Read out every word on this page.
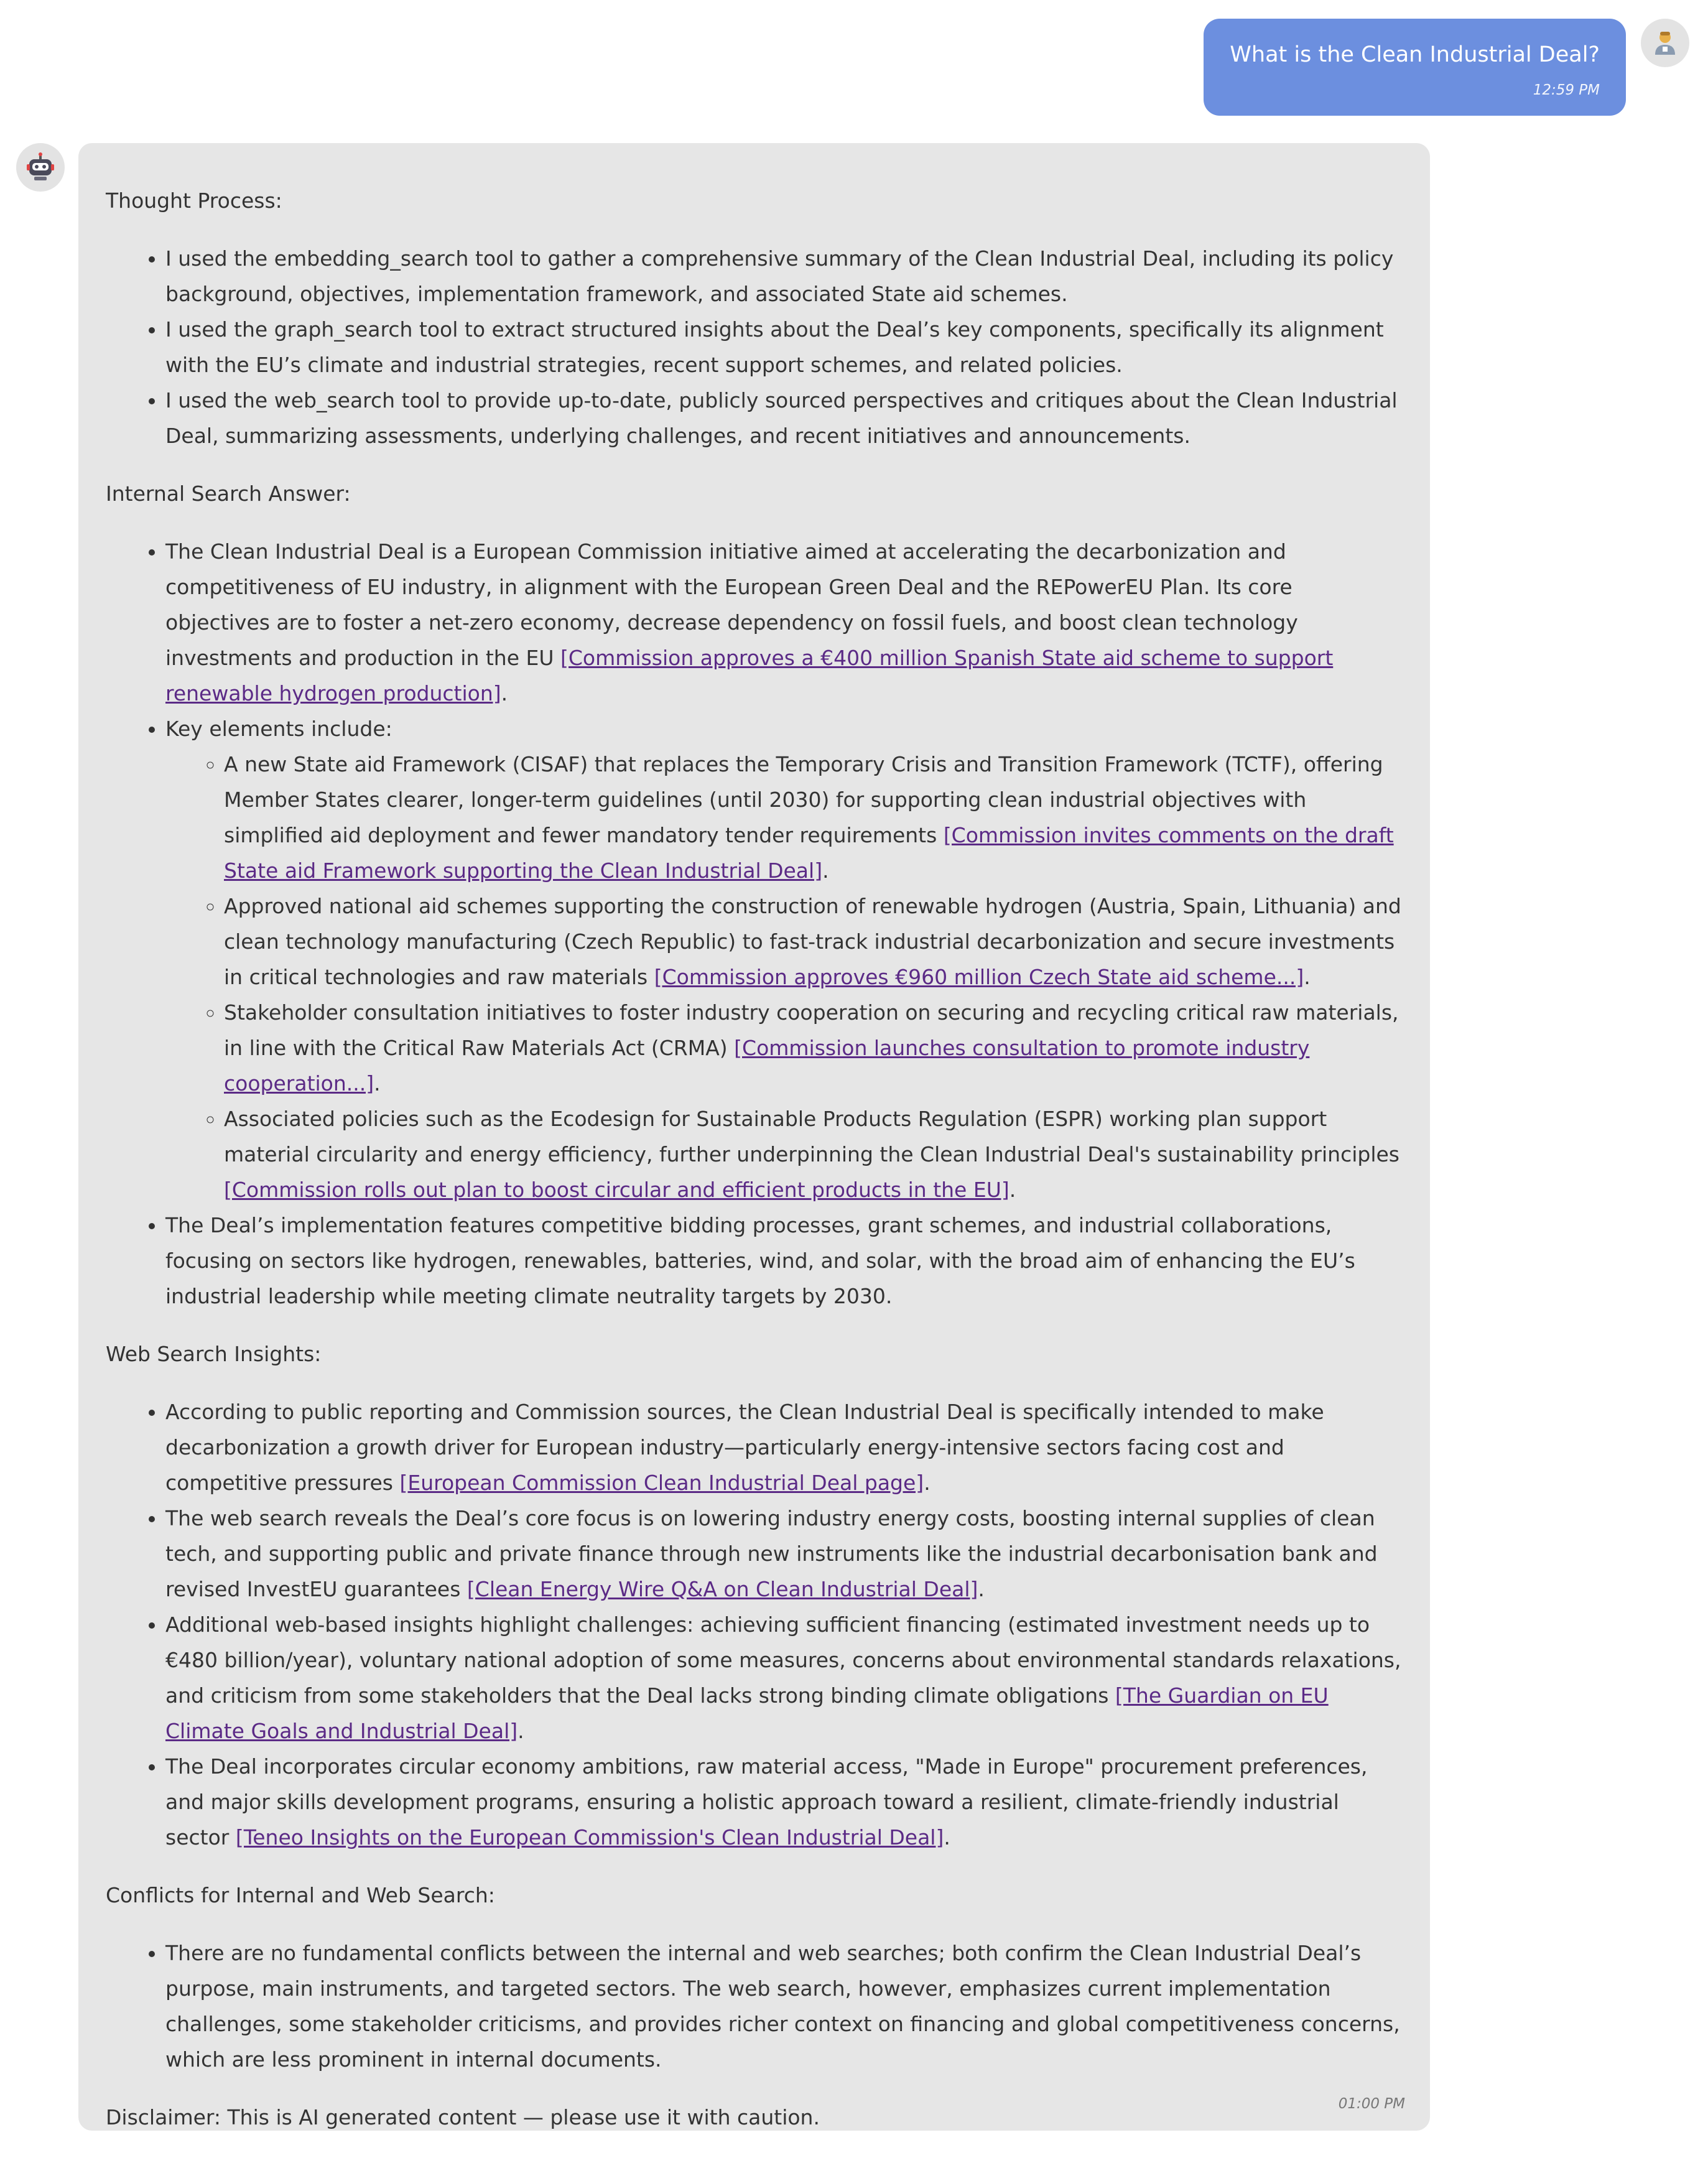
What is the Clean Industrial Deal?
12:59 PM
Thought Process:
• I used the embedding_search tool to gather a comprehensive summary of the Clean Industrial Deal, including its policy background, objectives, implementation framework, and associated State aid schemes.
• I used the graph_search tool to extract structured insights about the Deal’s key components, specifically its alignment with the EU’s climate and industrial strategies, recent support schemes, and related policies.
• I used the web_search tool to provide up-to-date, publicly sourced perspectives and critiques about the Clean Industrial Deal, summarizing assessments, underlying challenges, and recent initiatives and announcements.
Internal Search Answer:
• The Clean Industrial Deal is a European Commission initiative aimed at accelerating the decarbonization and competitiveness of EU industry, in alignment with the European Green Deal and the REPowerEU Plan. Its core objectives are to foster a net-zero economy, decrease dependency on fossil fuels, and boost clean technology investments and production in the EU [Commission approves a €400 million Spanish State aid scheme to support renewable hydrogen production].
• Key elements include:
◦ A new State aid Framework (CISAF) that replaces the Temporary Crisis and Transition Framework (TCTF), offering Member States clearer, longer-term guidelines (until 2030) for supporting clean industrial objectives with simplified aid deployment and fewer mandatory tender requirements [Commission invites comments on the draft State aid Framework supporting the Clean Industrial Deal].
◦ Approved national aid schemes supporting the construction of renewable hydrogen (Austria, Spain, Lithuania) and clean technology manufacturing (Czech Republic) to fast-track industrial decarbonization and secure investments in critical technologies and raw materials [Commission approves €960 million Czech State aid scheme...].
◦ Stakeholder consultation initiatives to foster industry cooperation on securing and recycling critical raw materials, in line with the Critical Raw Materials Act (CRMA) [Commission launches consultation to promote industry cooperation...].
◦ Associated policies such as the Ecodesign for Sustainable Products Regulation (ESPR) working plan support material circularity and energy efficiency, further underpinning the Clean Industrial Deal's sustainability principles [Commission rolls out plan to boost circular and efficient products in the EU].
• The Deal’s implementation features competitive bidding processes, grant schemes, and industrial collaborations, focusing on sectors like hydrogen, renewables, batteries, wind, and solar, with the broad aim of enhancing the EU’s industrial leadership while meeting climate neutrality targets by 2030.
Web Search Insights:
• According to public reporting and Commission sources, the Clean Industrial Deal is specifically intended to make decarbonization a growth driver for European industry—particularly energy-intensive sectors facing cost and competitive pressures [European Commission Clean Industrial Deal page].
• The web search reveals the Deal’s core focus is on lowering industry energy costs, boosting internal supplies of clean tech, and supporting public and private finance through new instruments like the industrial decarbonisation bank and revised InvestEU guarantees [Clean Energy Wire Q&A on Clean Industrial Deal].
• Additional web-based insights highlight challenges: achieving sufficient financing (estimated investment needs up to €480 billion/year), voluntary national adoption of some measures, concerns about environmental standards relaxations, and criticism from some stakeholders that the Deal lacks strong binding climate obligations [The Guardian on EU Climate Goals and Industrial Deal].
• The Deal incorporates circular economy ambitions, raw material access, "Made in Europe" procurement preferences, and major skills development programs, ensuring a holistic approach toward a resilient, climate-friendly industrial sector [Teneo Insights on the European Commission's Clean Industrial Deal].
Conflicts for Internal and Web Search:
• There are no fundamental conflicts between the internal and web searches; both confirm the Clean Industrial Deal’s purpose, main instruments, and targeted sectors. The web search, however, emphasizes current implementation challenges, some stakeholder criticisms, and provides richer context on financing and global competitiveness concerns, which are less prominent in internal documents.
Disclaimer: This is AI generated content — please use it with caution.
01:00 PM
